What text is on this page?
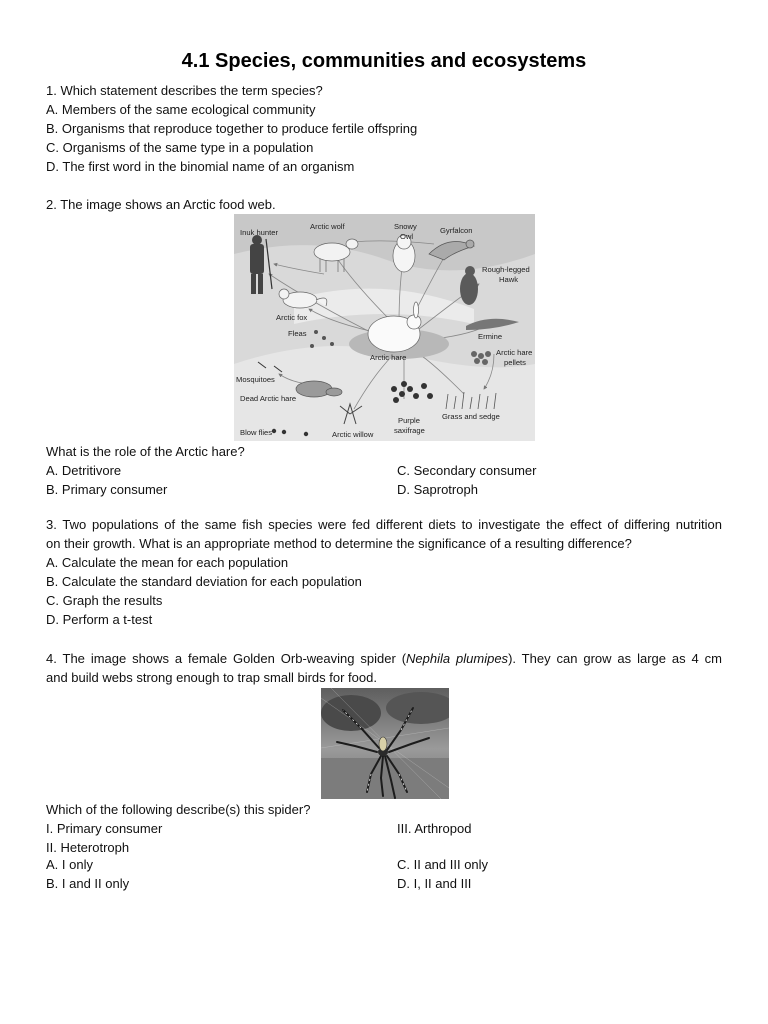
4.1 Species, communities and ecosystems
1. Which statement describes the term species?
A. Members of the same ecological community
B. Organisms that reproduce together to produce fertile offspring
C. Organisms of the same type in a population
D. The first word in the binomial name of an organism
2. The image shows an Arctic food web.
Inuk hunter
Arctic wolf	Snowy
Owl
Gyrfalcon
Rough-legged
Hawk
Arctic fox
Fleas	Ermine
Arctic hare
Arctic hare
pellets
Mosquitoes
Dead Arctic hare
Blow flies	Arctic willow
Purple
saxifrage
Grass and sedge
What is the role of the Arctic hare?
A. Detritivore	C. Secondary consumer
B. Primary consumer	D. Saprotroph
3. Two populations of the same fish species were fed different diets to investigate the effect of differing nutrition
on their growth. What is an appropriate method to determine the significance of a resulting difference?
A. Calculate the mean for each population
B. Calculate the standard deviation for each population
C. Graph the results
D. Perform a t-test
4. The image shows a female Golden Orb-weaving spider (Nephila plumipes). They can grow as large as 4 cm
and build webs strong enough to trap small birds for food.
Which of the following describe(s) this spider?
I. Primary consumer	III. Arthropod
II. Heterotroph
A. I only	C. II and III only
B. I and II only	D. I, II and III
